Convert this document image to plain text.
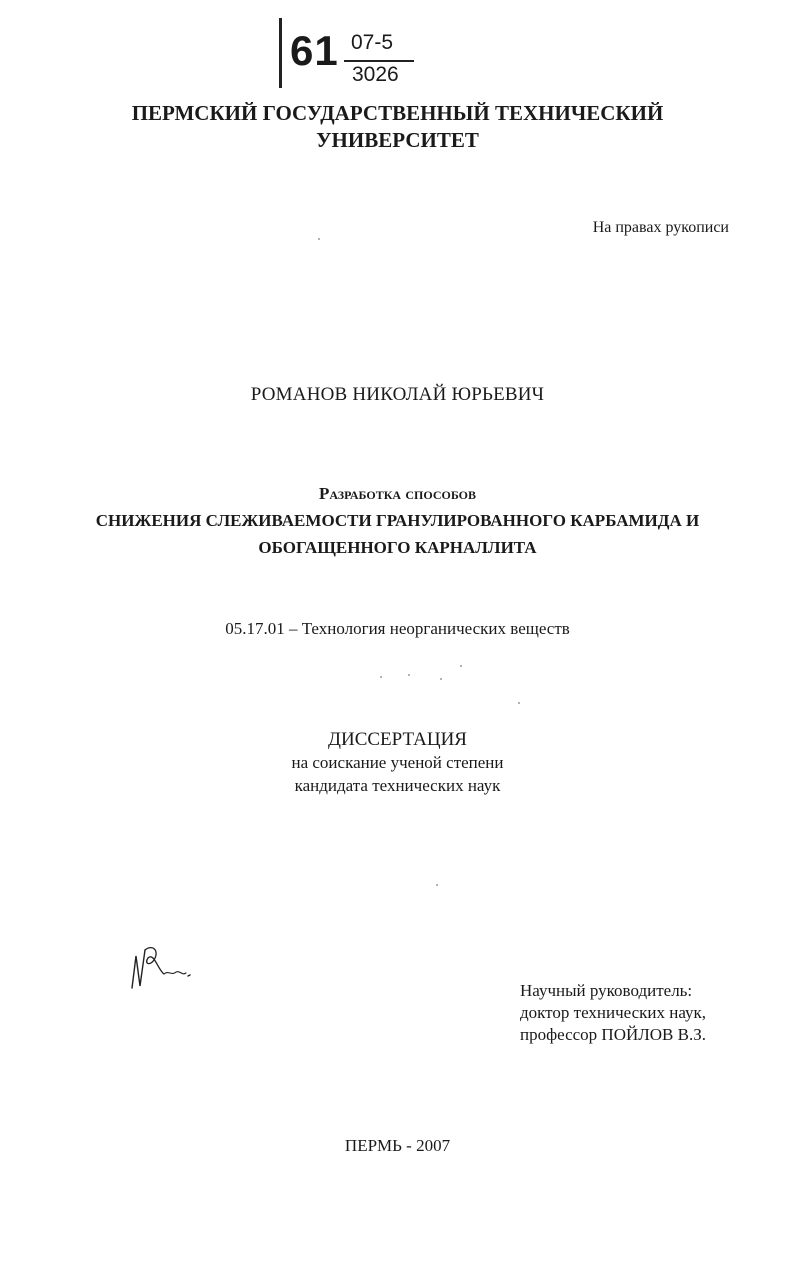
61 07-5
3026
ПЕРМСКИЙ ГОСУДАРСТВЕННЫЙ ТЕХНИЧЕСКИЙ
УНИВЕРСИТЕТ
На правах рукописи
РОМАНОВ НИКОЛАЙ ЮРЬЕВИЧ
Разработка способов
СНИЖЕНИЯ СЛЕЖИВАЕМОСТИ ГРАНУЛИРОВАННОГО КАРБАМИДА И
ОБОГАЩЕННОГО КАРНАЛЛИТА
05.17.01 – Технология неорганических веществ
ДИССЕРТАЦИЯ
на соискание ученой степени
кандидата технических наук
Научный руководитель:
доктор технических наук,
профессор ПОЙЛОВ В.З.
ПЕРМЬ - 2007
